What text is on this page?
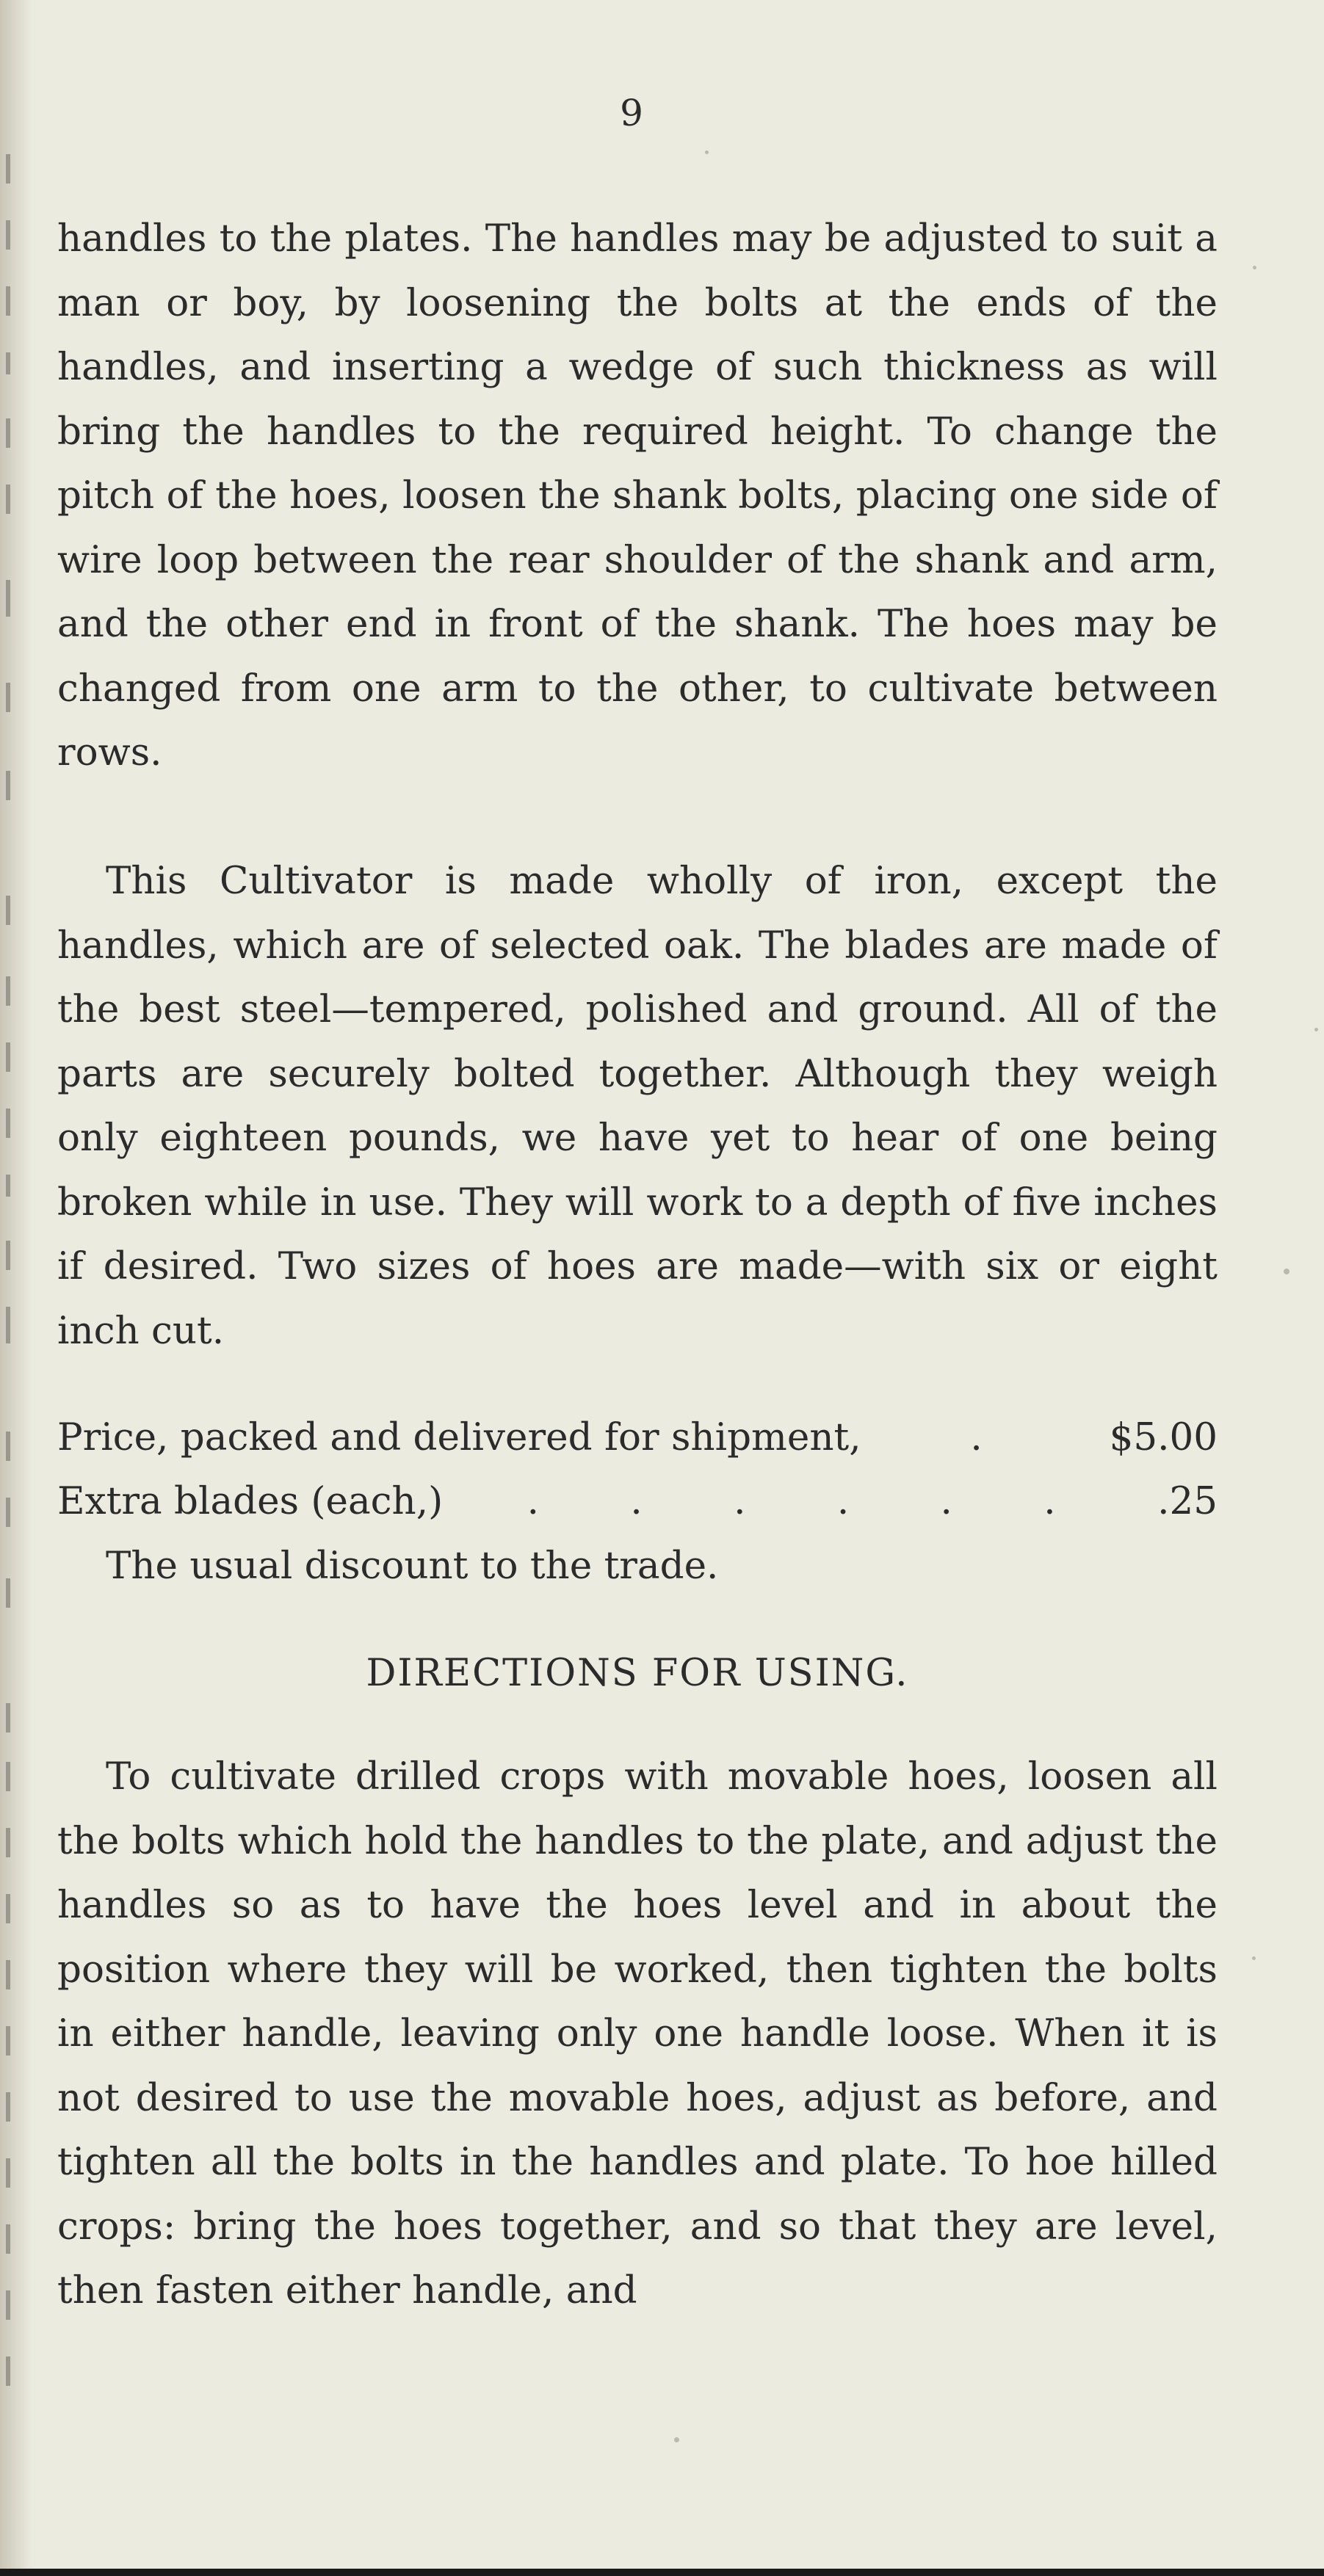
9

handles to the plates. The handles may be adjusted to suit a man or boy, by loosening the bolts at the ends of the handles, and inserting a wedge of such thickness as will bring the handles to the required height. To change the pitch of the hoes, loosen the shank bolts, placing one side of wire loop between the rear shoulder of the shank and arm, and the other end in front of the shank. The hoes may be changed from one arm to the other, to cultivate between rows.

This Cultivator is made wholly of iron, except the handles, which are of selected oak. The blades are made of the best steel—tempered, polished and ground. All of the parts are securely bolted together. Although they weigh only eighteen pounds, we have yet to hear of one being broken while in use. They will work to a depth of five inches if desired. Two sizes of hoes are made—with six or eight inch cut.

Price, packed and delivered for shipment,	.	$5.00
Extra blades (each,)	. . . . . .	.25

The usual discount to the trade.

DIRECTIONS FOR USING.

To cultivate drilled crops with movable hoes, loosen all the bolts which hold the handles to the plate, and adjust the handles so as to have the hoes level and in about the position where they will be worked, then tighten the bolts in either handle, leaving only one handle loose. When it is not desired to use the movable hoes, adjust as before, and tighten all the bolts in the handles and plate. To hoe hilled crops: bring the hoes together, and so that they are level, then fasten either handle, and
